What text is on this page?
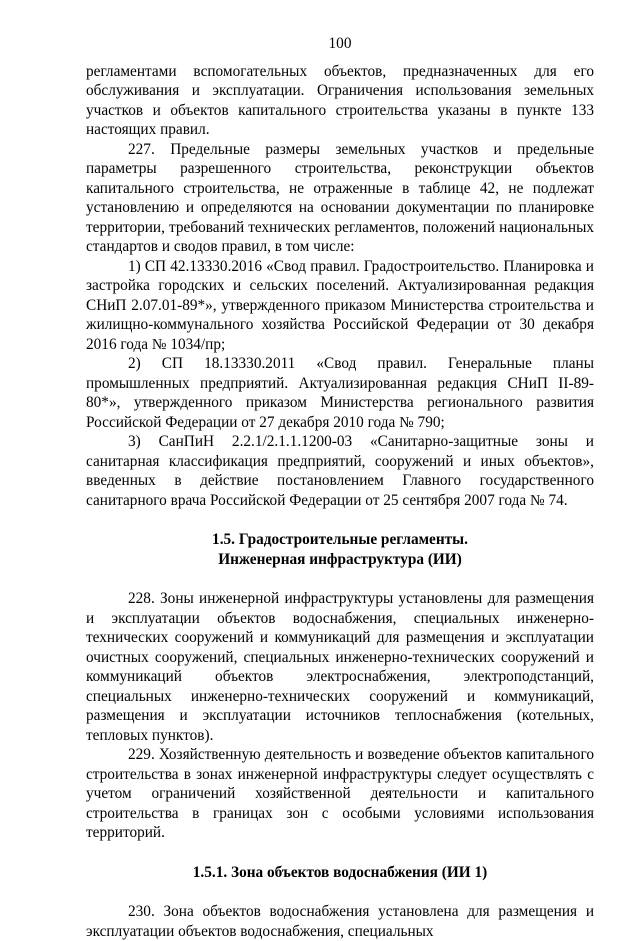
100

регламентами вспомогательных объектов, предназначенных для его обслуживания и эксплуатации. Ограничения использования земельных участков и объектов капитального строительства указаны в пункте 133 настоящих правил.

227. Предельные размеры земельных участков и предельные параметры разрешенного строительства, реконструкции объектов капитального строительства, не отраженные в таблице 42, не подлежат установлению и определяются на основании документации по планировке территории, требований технических регламентов, положений национальных стандартов и сводов правил, в том числе:

1) СП 42.13330.2016 «Свод правил. Градостроительство. Планировка и застройка городских и сельских поселений. Актуализированная редакция СНиП 2.07.01-89*», утвержденного приказом Министерства строительства и жилищно-коммунального хозяйства Российской Федерации от 30 декабря 2016 года № 1034/пр;

2) СП 18.13330.2011 «Свод правил. Генеральные планы промышленных предприятий. Актуализированная редакция СНиП II-89-80*», утвержденного приказом Министерства регионального развития Российской Федерации от 27 декабря 2010 года № 790;

3) СанПиН 2.2.1/2.1.1.1200-03 «Санитарно-защитные зоны и санитарная классификация предприятий, сооружений и иных объектов», введенных в действие постановлением Главного государственного санитарного врача Российской Федерации от 25 сентября 2007 года № 74.

1.5. Градостроительные регламенты.
Инженерная инфраструктура (ИИ)

228. Зоны инженерной инфраструктуры установлены для размещения и эксплуатации объектов водоснабжения, специальных инженерно-технических сооружений и коммуникаций для размещения и эксплуатации очистных сооружений, специальных инженерно-технических сооружений и коммуникаций объектов электроснабжения, электроподстанций, специальных инженерно-технических сооружений и коммуникаций, размещения и эксплуатации источников теплоснабжения (котельных, тепловых пунктов).

229. Хозяйственную деятельность и возведение объектов капитального строительства в зонах инженерной инфраструктуры следует осуществлять с учетом ограничений хозяйственной деятельности и капитального строительства в границах зон с особыми условиями использования территорий.

1.5.1. Зона объектов водоснабжения (ИИ 1)

230. Зона объектов водоснабжения установлена для размещения и эксплуатации объектов водоснабжения, специальных
